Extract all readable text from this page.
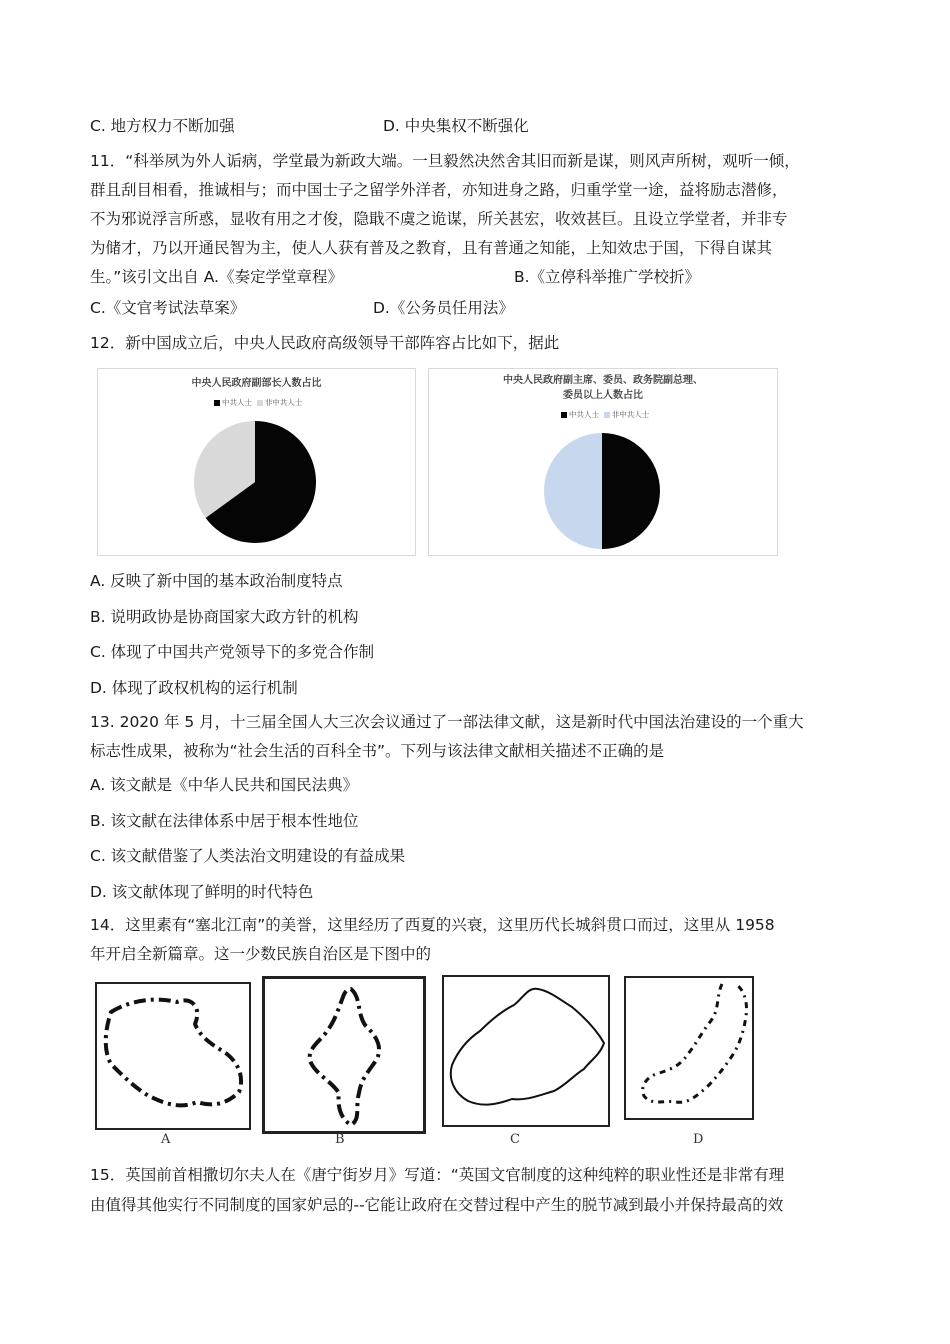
C. 地方权力不断加强	D. 中央集权不断强化
11．“科举夙为外人诟病，学堂最为新政大端。一旦毅然决然舍其旧而新是谋，则风声所树，观听一倾，
群且刮目相看，推诚相与；而中国士子之留学外洋者，亦知进身之路，归重学堂一途，益将励志潜修，
不为邪说浮言所惑，显收有用之才俊，隐戢不虞之诡谋，所关甚宏，收效甚巨。且设立学堂者，并非专
为储才，乃以开通民智为主，使人人获有普及之教育，且有普通之知能，上知效忠于国，下得自谋其
生。”该引文出自 A.《奏定学堂章程》	B.《立停科举推广学校折》
C.《文官考试法草案》	D.《公务员任用法》
12．新中国成立后，中央人民政府高级领导干部阵容占比如下，据此
中央人民政府副部长人数占比
中共人士 非中共人士
中央人民政府副主席、委员、政务院副总理、
委员以上人数占比
中共人士 非中共人士
A. 反映了新中国的基本政治制度特点
B. 说明政协是协商国家大政方针的机构
C. 体现了中国共产党领导下的多党合作制
D. 体现了政权机构的运行机制
13. 2020 年 5 月，十三届全国人大三次会议通过了一部法律文献，这是新时代中国法治建设的一个重大
标志性成果，被称为“社会生活的百科全书”。下列与该法律文献相关描述不正确的是
A. 该文献是《中华人民共和国民法典》
B. 该文献在法律体系中居于根本性地位
C. 该文献借鉴了人类法治文明建设的有益成果
D. 该文献体现了鲜明的时代特色
14．这里素有“塞北江南”的美誉，这里经历了西夏的兴衰，这里历代长城斜贯口而过，这里从 1958
年开启全新篇章。这一少数民族自治区是下图中的
A	B	C	D
15．英国前首相撒切尔夫人在《唐宁街岁月》写道：“英国文官制度的这种纯粹的职业性还是非常有理
由值得其他实行不同制度的国家妒忌的--它能让政府在交替过程中产生的脱节减到最小并保持最高的效
